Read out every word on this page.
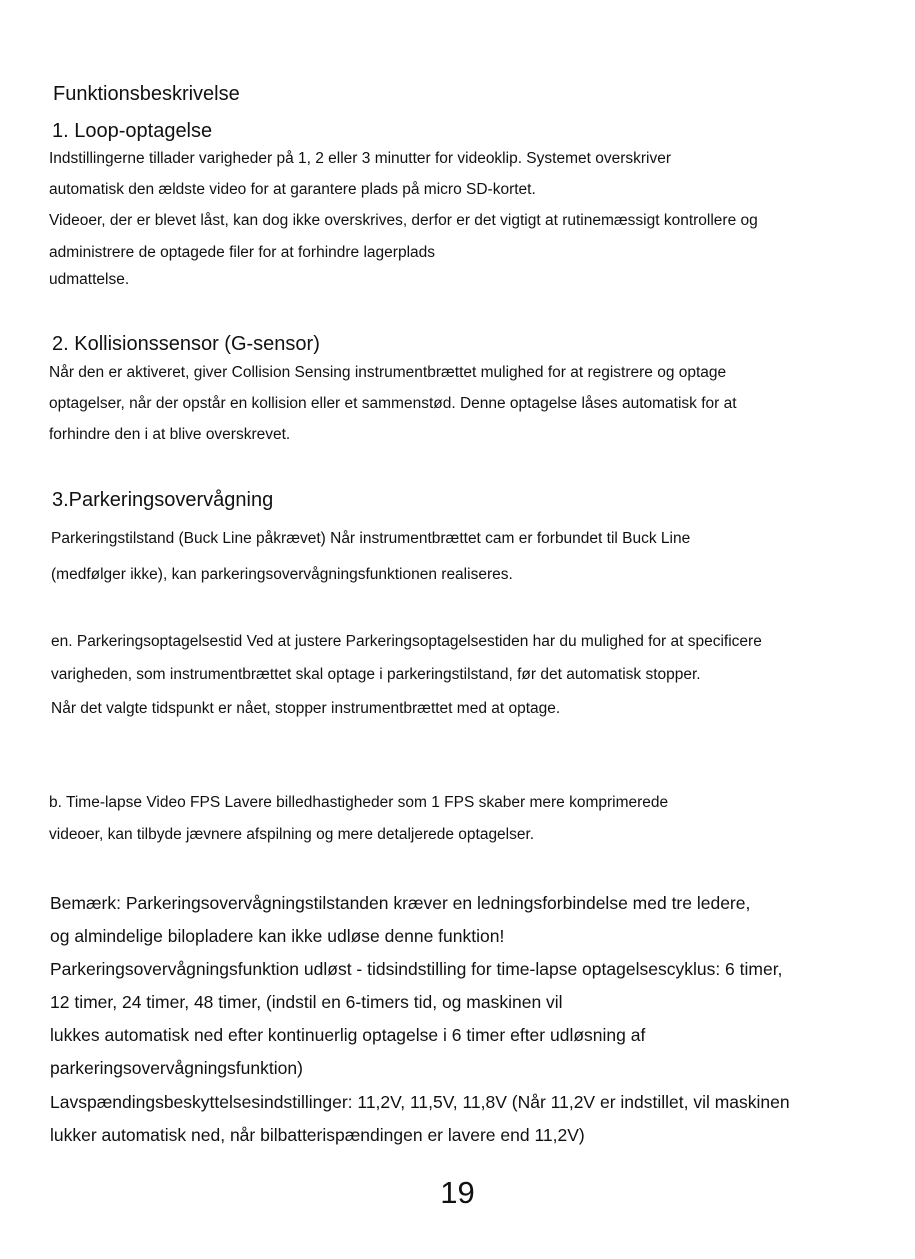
Funktionsbeskrivelse
1. Loop-optagelse
Indstillingerne tillader varigheder på 1, 2 eller 3 minutter for videoklip. Systemet overskriver
automatisk den ældste video for at garantere plads på micro SD-kortet.
Videoer, der er blevet låst, kan dog ikke overskrives, derfor er det vigtigt at rutinemæssigt kontrollere og
administrere de optagede filer for at forhindre lagerplads
udmattelse.
2. Kollisionssensor (G-sensor)
Når den er aktiveret, giver Collision Sensing instrumentbrættet mulighed for at registrere og optage
optagelser, når der opstår en kollision eller et sammenstød. Denne optagelse låses automatisk for at
forhindre den i at blive overskrevet.
3.Parkeringsovervågning
Parkeringstilstand (Buck Line påkrævet) Når instrumentbrættet cam er forbundet til Buck Line
(medfølger ikke), kan parkeringsovervågningsfunktionen realiseres.
en. Parkeringsoptagelsestid Ved at justere Parkeringsoptagelsestiden har du mulighed for at specificere
varigheden, som instrumentbrættet skal optage i parkeringstilstand, før det automatisk stopper.
Når det valgte tidspunkt er nået, stopper instrumentbrættet med at optage.
b. Time-lapse Video FPS Lavere billedhastigheder som 1 FPS skaber mere komprimerede
videoer, kan tilbyde jævnere afspilning og mere detaljerede optagelser.
Bemærk: Parkeringsovervågningstilstanden kræver en ledningsforbindelse med tre ledere,
og almindelige bilopladere kan ikke udløse denne funktion!
Parkeringsovervågningsfunktion udløst - tidsindstilling for time-lapse optagelsescyklus: 6 timer,
12 timer, 24 timer, 48 timer, (indstil en 6-timers tid, og maskinen vil
lukkes automatisk ned efter kontinuerlig optagelse i 6 timer efter udløsning af
parkeringsovervågningsfunktion)
Lavspændingsbeskyttelsesindstillinger: 11,2V, 11,5V, 11,8V (Når 11,2V er indstillet, vil maskinen
lukker automatisk ned, når bilbatterispændingen er lavere end 11,2V)
19
